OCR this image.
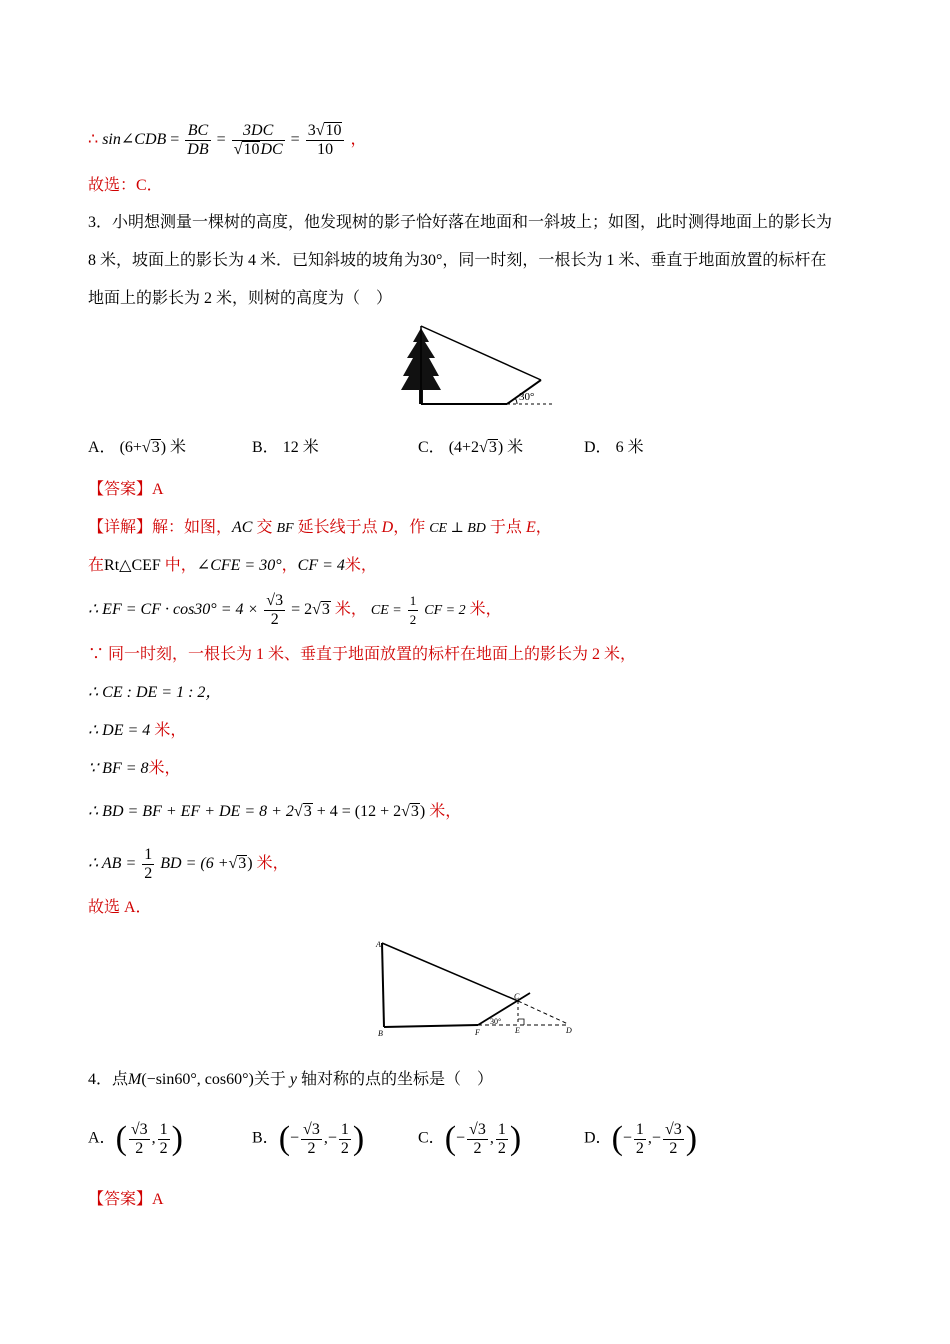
∴ sin∠CDB = $\frac{BC}{DB} = \frac{3DC}{√10DC} = \frac{3√10}{10}$ ，
故选：C．
3．小明想测量一棵树的高度，他发现树的影子恰好落在地面和一斜坡上；如图，此时测得地面上的影长为
8 米，坡面上的影长为 4 米．已知斜坡的坡角为30°，同一时刻，一根长为 1 米、垂直于地面放置的标杆在
地面上的影长为 2 米，则树的高度为（　）
30°
A． (6+√3) 米	B． 12 米	C． (4+2√3) 米	D． 6 米
【答案】A
【详解】解：如图，AC 交 BF 延长线于点 D，作 CE ⊥ BD 于点 E，
在Rt△CEF 中，∠CFE = 30°，CF = 4米，
∴ EF = CF · $\cos 30^\circ = 4 \times \frac{√3}{2} = 2√3$ 米， CE = $\frac{1}{2}$ CF = 2 米，
∵ 同一时刻，一根长为 1 米、垂直于地面放置的标杆在地面上的影长为 2 米，
∴ CE : DE = 1 : 2，
∴ DE = 4 米，
∵ BF = 8米，
∴ BD = BF + EF + DE = 8 + 2√3 + 4 = (12 + 2√3) 米，
∴ AB = $\frac{1}{2}$ BD = (6 +√3) 米，
故选 A．
A
B
C
D
E
F
30°
4．点M(−sin60°, cos60°)关于 y 轴对称的点的坐标是（　）
A．( $\frac{√3}{2}$ , $\frac{1}{2}$ )	B．(− $\frac{√3}{2}$ ,− $\frac{1}{2}$ )	C．(− $\frac{√3}{2}$ , $\frac{1}{2}$ )	D．(− $\frac{1}{2}$ ,− $\frac{√3}{2}$ )
【答案】A
